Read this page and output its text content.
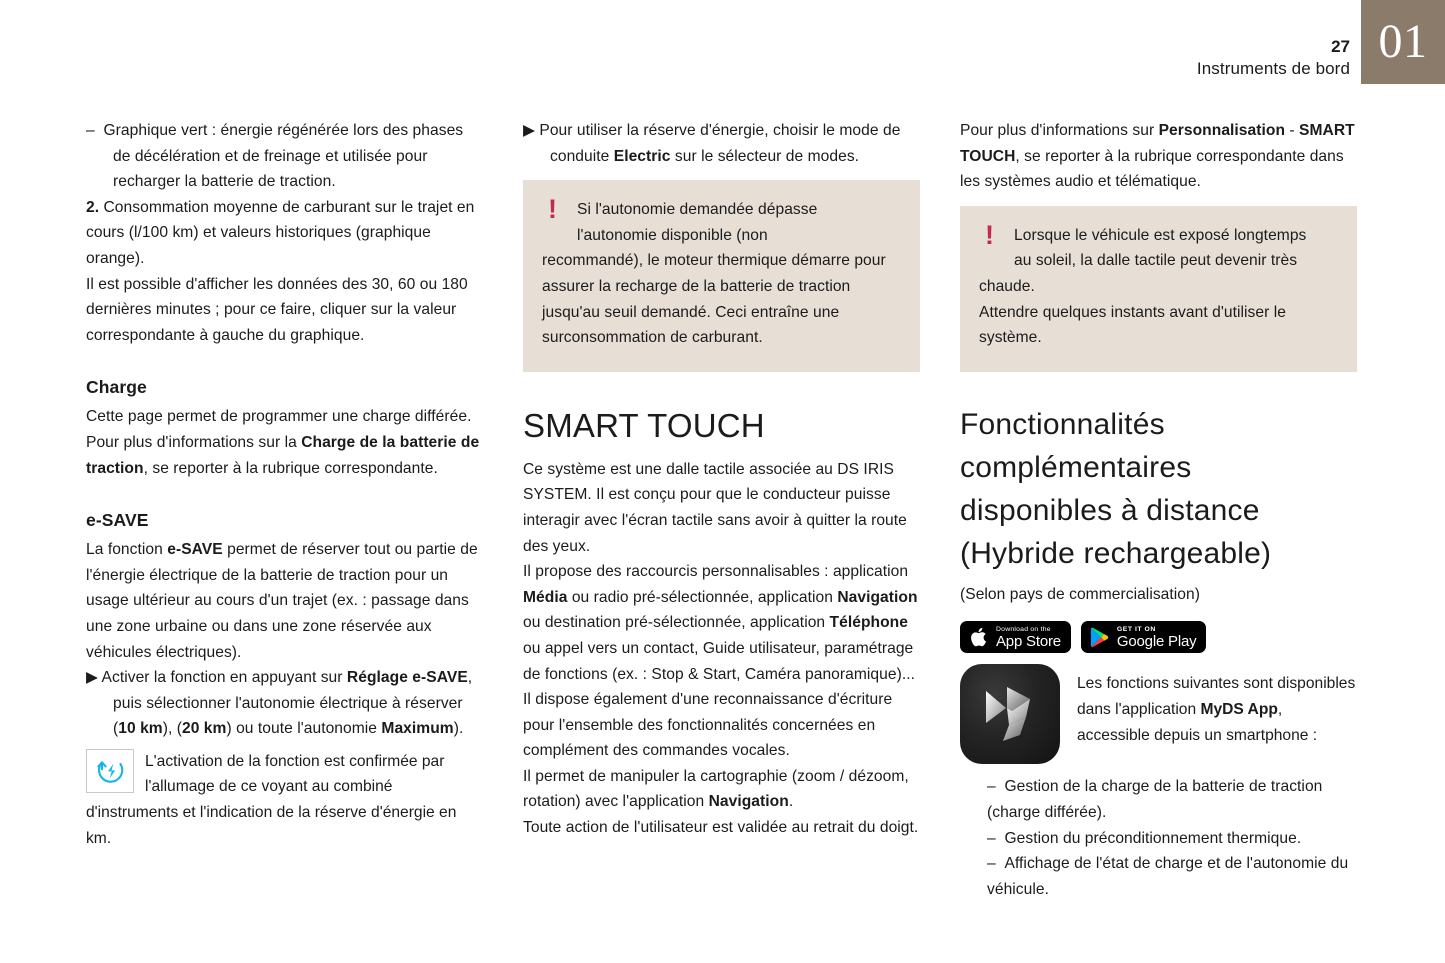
27
Instruments de bord
01

– Graphique vert : énergie régénérée lors des phases de décélération et de freinage et utilisée pour recharger la batterie de traction.

2. Consommation moyenne de carburant sur le trajet en cours (l/100 km) et valeurs historiques (graphique orange).

Il est possible d'afficher les données des 30, 60 ou 180 dernières minutes ; pour ce faire, cliquer sur la valeur correspondante à gauche du graphique.

Charge

Cette page permet de programmer une charge différée.

Pour plus d'informations sur la Charge de la batterie de traction, se reporter à la rubrique correspondante.

e-SAVE

La fonction e-SAVE permet de réserver tout ou partie de l'énergie électrique de la batterie de traction pour un usage ultérieur au cours d'un trajet (ex. : passage dans une zone urbaine ou dans une zone réservée aux véhicules électriques).

▶ Activer la fonction en appuyant sur Réglage e-SAVE, puis sélectionner l'autonomie électrique à réserver (10 km), (20 km) ou toute l'autonomie Maximum).

L'activation de la fonction est confirmée par l'allumage de ce voyant au combiné d'instruments et l'indication de la réserve d'énergie en km.

▶ Pour utiliser la réserve d'énergie, choisir le mode de conduite Electric sur le sélecteur de modes.

!	Si l'autonomie demandée dépasse

l'autonomie disponible (non

recommandé), le moteur thermique démarre pour assurer la recharge de la batterie de traction jusqu'au seuil demandé. Ceci entraîne une surconsommation de carburant.

SMART TOUCH

Ce système est une dalle tactile associée au DS IRIS SYSTEM. Il est conçu pour que le conducteur puisse interagir avec l'écran tactile sans avoir à quitter la route des yeux.

Il propose des raccourcis personnalisables : application Média ou radio pré-sélectionnée, application Navigation ou destination pré-sélectionnée, application Téléphone ou appel vers un contact, Guide utilisateur, paramétrage de fonctions (ex. : Stop & Start, Caméra panoramique)...

Il dispose également d'une reconnaissance d'écriture pour l'ensemble des fonctionnalités concernées en complément des commandes vocales.

Il permet de manipuler la cartographie (zoom / dézoom, rotation) avec l'application Navigation.

Toute action de l'utilisateur est validée au retrait du doigt.

Pour plus d'informations sur Personnalisation - SMART TOUCH, se reporter à la rubrique correspondante dans les systèmes audio et télématique.

!	Lorsque le véhicule est exposé longtemps

au soleil, la dalle tactile peut devenir très

chaude.

Attendre quelques instants avant d'utiliser le système.

Fonctionnalités
complémentaires
disponibles à distance
(Hybride rechargeable)

(Selon pays de commercialisation)

Download on the
App Store
GET IT ON
Google Play
Les fonctions suivantes sont disponibles dans l'application MyDS App, accessible depuis un smartphone :

– Gestion de la charge de la batterie de traction (charge différée).

– Gestion du préconditionnement thermique.

– Affichage de l'état de charge et de l'autonomie du véhicule.
